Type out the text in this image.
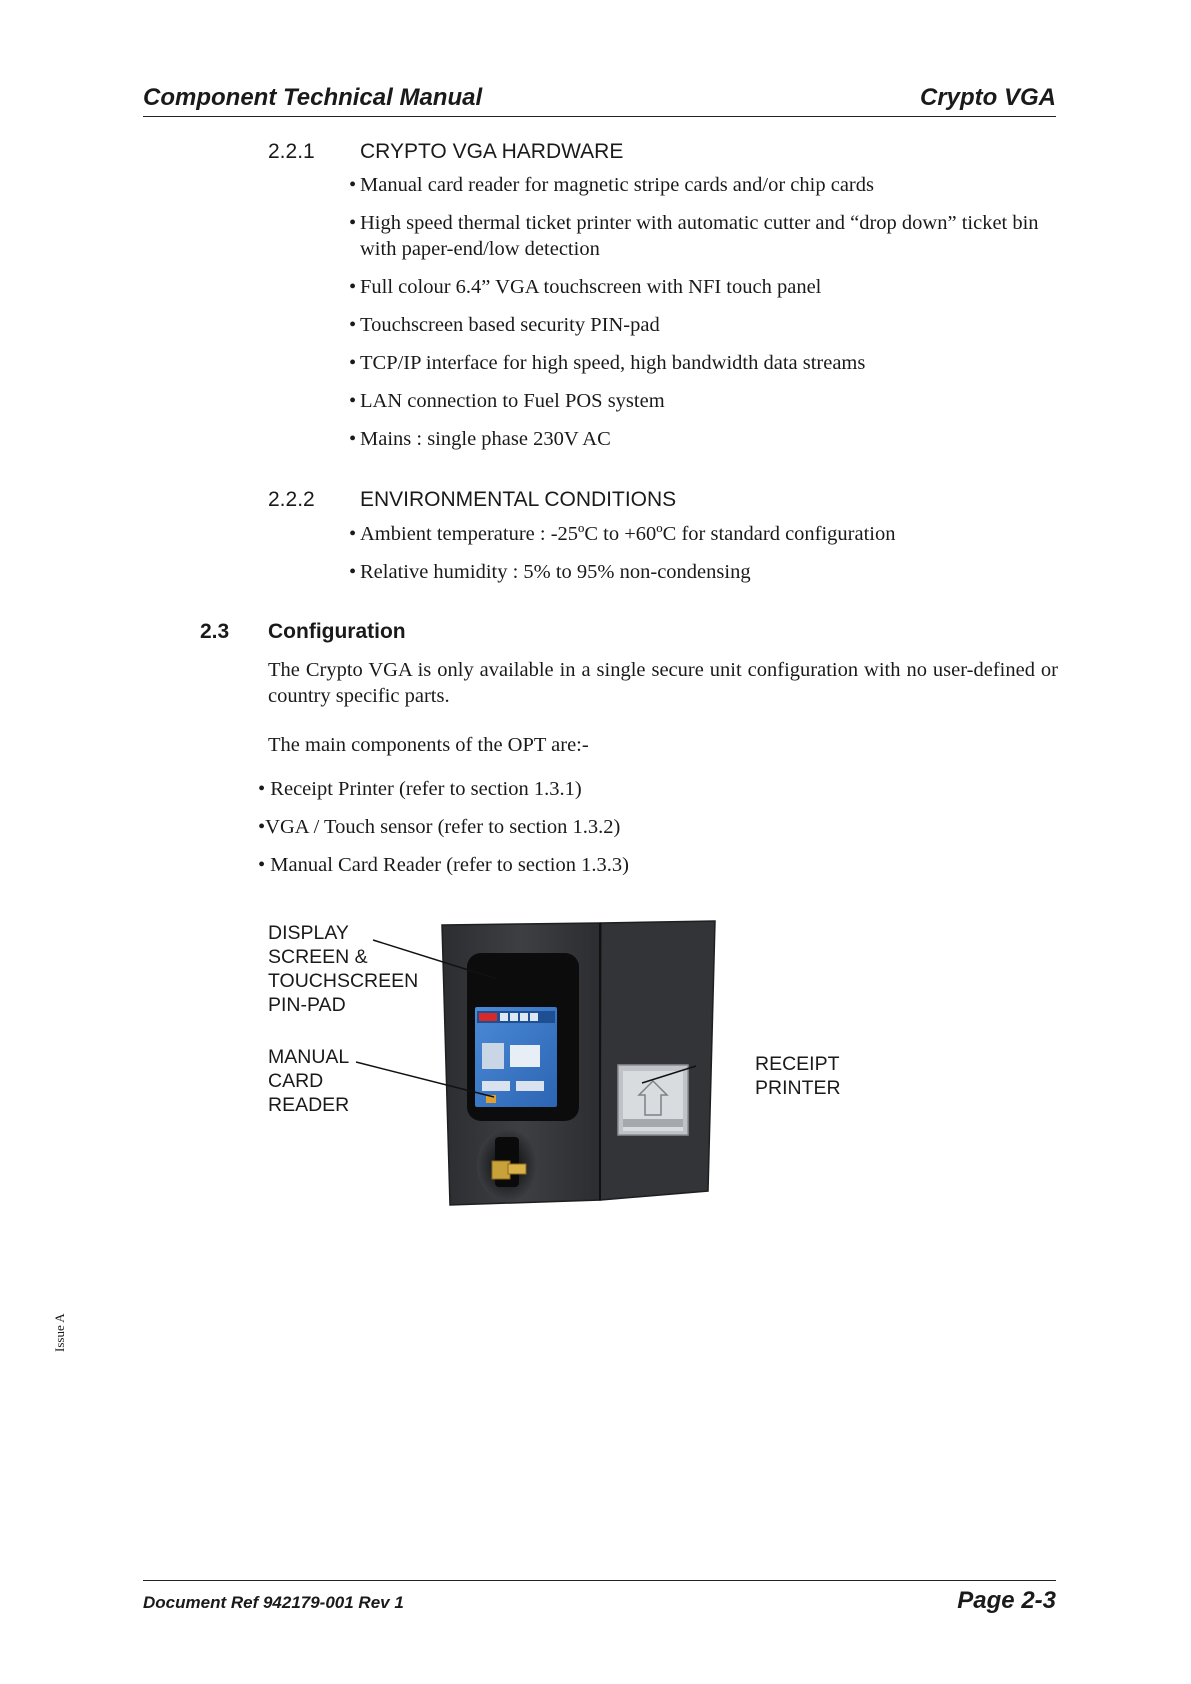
Component Technical Manual	Crypto VGA
2.2.1 CRYPTO VGA HARDWARE
• Manual card reader for magnetic stripe cards and/or chip cards
• High speed thermal ticket printer with automatic cutter and “drop down” ticket bin with paper-end/low detection
• Full colour 6.4” VGA touchscreen with NFI touch panel
• Touchscreen based security PIN-pad
• TCP/IP interface for high speed, high bandwidth data streams
• LAN connection to Fuel POS system
• Mains : single phase 230V AC
2.2.2 ENVIRONMENTAL CONDITIONS
• Ambient temperature : -25ºC to +60ºC for standard configuration
• Relative humidity : 5% to 95% non-condensing
2.3 Configuration

The Crypto VGA is only available in a single secure unit configuration with no user-defined or country specific parts.

The main components of the OPT are:-

• Receipt Printer (refer to section 1.3.1)
•VGA / Touch sensor (refer to section 1.3.2)
• Manual Card Reader (refer to section 1.3.3)
DISPLAY
SCREEN &
TOUCHSCREEN
PIN-PAD
MANUAL
CARD
READER
RECEIPT
PRINTER
Issue A
Document Ref 942179-001 Rev 1	Page 2-3
